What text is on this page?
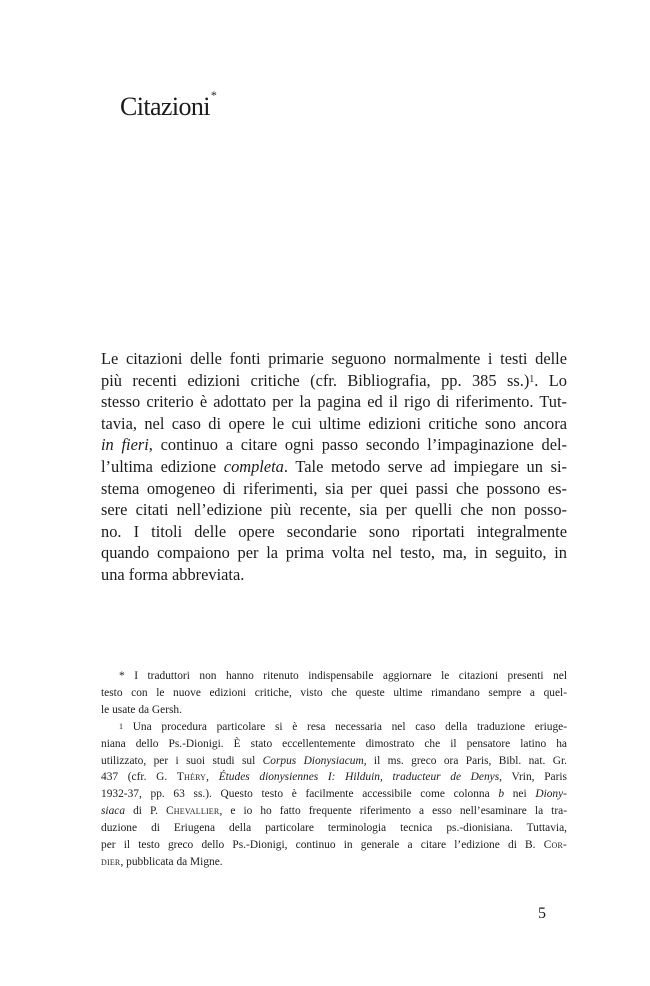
Citazioni*
Le citazioni delle fonti primarie seguono normalmente i testi delle
più recenti edizioni critiche (cfr. Bibliografia, pp. 385 ss.)$^1$. Lo
stesso criterio è adottato per la pagina ed il rigo di riferimento. Tut-
tavia, nel caso di opere le cui ultime edizioni critiche sono ancora
in fieri, continuo a citare ogni passo secondo l’impaginazione del-
l’ultima edizione completa. Tale metodo serve ad impiegare un si-
stema omogeneo di riferimenti, sia per quei passi che possono es-
sere citati nell’edizione più recente, sia per quelli che non posso-
no. I titoli delle opere secondarie sono riportati integralmente
quando compaiono per la prima volta nel testo, ma, in seguito, in
una forma abbreviata.
* I traduttori non hanno ritenuto indispensabile aggiornare le citazioni presenti nel
testo con le nuove edizioni critiche, visto che queste ultime rimandano sempre a quel-
le usate da Gersh.
$^1$ Una procedura particolare si è resa necessaria nel caso della traduzione eriuge-
niana dello Ps.-Dionigi. È stato eccellentemente dimostrato che il pensatore latino ha
utilizzato, per i suoi studi sul Corpus Dionysiacum, il ms. greco ora Paris, Bibl. nat. Gr.
437 (cfr. G. Théry, Études dionysiennes I: Hilduin, traducteur de Denys, Vrin, Paris
1932-37, pp. 63 ss.). Questo testo è facilmente accessibile come colonna b nei Diony-
siaca di P. Chevallier, e io ho fatto frequente riferimento a esso nell’esaminare la tra-
duzione di Eriugena della particolare terminologia tecnica ps.-dionisiana. Tuttavia,
per il testo greco dello Ps.-Dionigi, continuo in generale a citare l’edizione di B. Cor-
dier, pubblicata da Migne.

5
